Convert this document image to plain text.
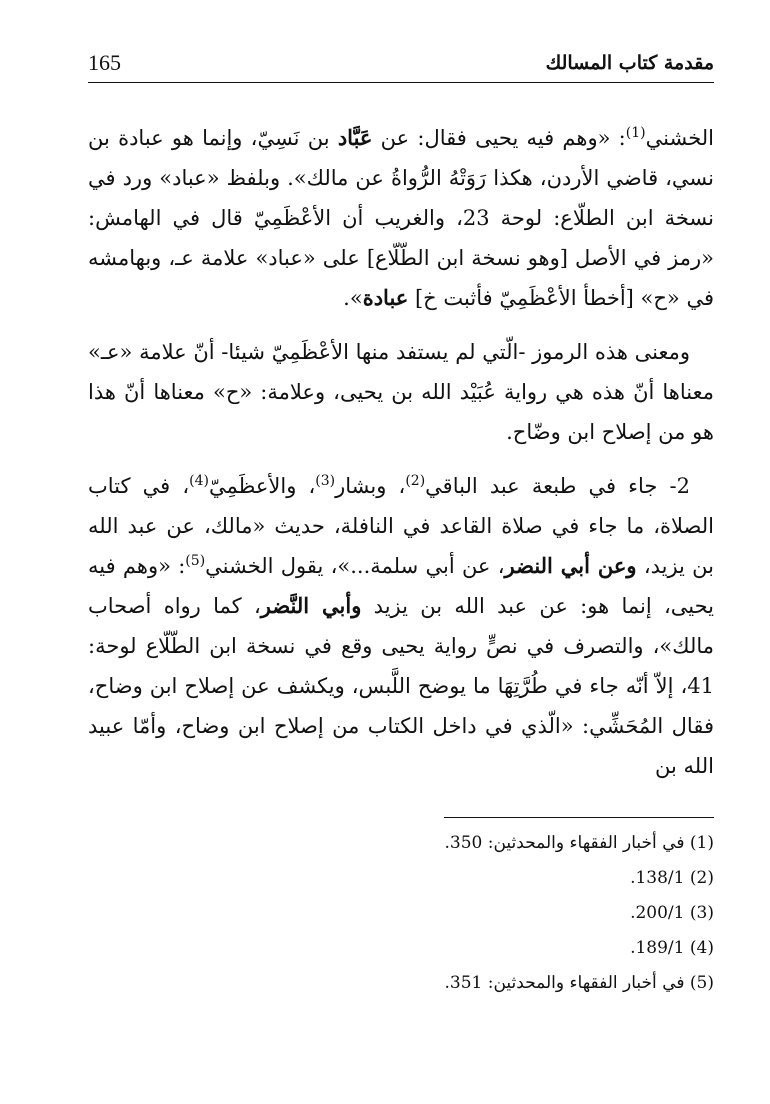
165	مقدمة كتاب المسالك

الخشني$^{(1)}$: «وهم فيه يحيى فقال: عن عَبَّاد بن نَسِيّ، وإنما هو عبادة بن نسي، قاضي الأردن، هكذا رَوَتْهُ الرُّواةُ عن مالك». وبلفظ «عباد» ورد في نسخة ابن الطلّاع: لوحة 23، والغريب أن الأعْظَمِيّ قال في الهامش: «رمز في الأصل [وهو نسخة ابن الطّلّاع] على «عباد» علامة عـ، وبهامشه في «ح» [أخطأ الأعْظَمِيّ فأثبت خ] عبادة».

ومعنى هذه الرموز -الّتي لم يستفد منها الأعْظَمِيّ شيئا- أنّ علامة «عـ» معناها أنّ هذه هي رواية عُبَيْد الله بن يحيى، وعلامة: «ح» معناها أنّ هذا هو من إصلاح ابن وضّاح.

2- جاء في طبعة عبد الباقي$^{(2)}$، وبشار$^{(3)}$، والأعظَمِيّ$^{(4)}$، في كتاب الصلاة، ما جاء في صلاة القاعد في النافلة، حديث «مالك، عن عبد الله بن يزيد، وعن أبي النضر، عن أبي سلمة...»، يقول الخشني$^{(5)}$: «وهم فيه يحيى، إنما هو: عن عبد الله بن يزيد وأبي النَّضر، كما رواه أصحاب مالك»، والتصرف في نصٍّ رواية يحيى وقع في نسخة ابن الطّلّاع لوحة: 41، إلاّ أنّه جاء في طُرَّتِهَا ما يوضح اللَّبس، ويكشف عن إصلاح ابن وضاح، فقال المُحَشِّي: «الّذي في داخل الكتاب من إصلاح ابن وضاح، وأمّا عبيد الله بن

(1) في أخبار الفقهاء والمحدثين: 350.

(2) 138/1.

(3) 200/1.

(4) 189/1.

(5) في أخبار الفقهاء والمحدثين: 351.
